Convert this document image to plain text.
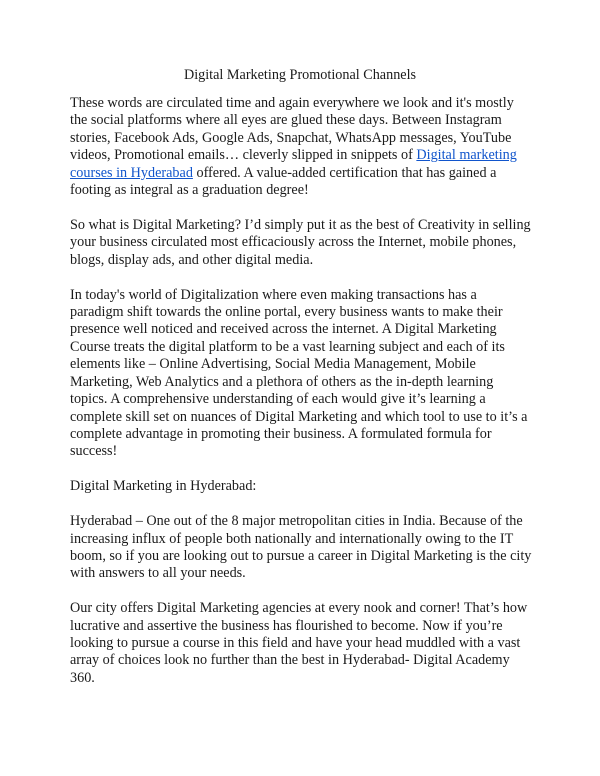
Digital Marketing Promotional Channels

These words are circulated time and again everywhere we look and it's mostly the social platforms where all eyes are glued these days. Between Instagram stories, Facebook Ads, Google Ads, Snapchat, WhatsApp messages, YouTube videos, Promotional emails… cleverly slipped in snippets of Digital marketing courses in Hyderabad offered. A value-added certification that has gained a footing as integral as a graduation degree!

So what is Digital Marketing? I’d simply put it as the best of Creativity in selling your business circulated most efficaciously across the Internet, mobile phones, blogs, display ads, and other digital media.

In today's world of Digitalization where even making transactions has a paradigm shift towards the online portal, every business wants to make their presence well noticed and received across the internet. A Digital Marketing Course treats the digital platform to be a vast learning subject and each of its elements like – Online Advertising, Social Media Management, Mobile Marketing, Web Analytics and a plethora of others as the in-depth learning topics. A comprehensive understanding of each would give it’s learning a complete skill set on nuances of Digital Marketing and which tool to use to it’s a complete advantage in promoting their business. A formulated formula for success!

Digital Marketing in Hyderabad:

Hyderabad – One out of the 8 major metropolitan cities in India. Because of the increasing influx of people both nationally and internationally owing to the IT boom, so if you are looking out to pursue a career in Digital Marketing is the city with answers to all your needs.

Our city offers Digital Marketing agencies at every nook and corner! That’s how lucrative and assertive the business has flourished to become. Now if you’re looking to pursue a course in this field and have your head muddled with a vast array of choices look no further than the best in Hyderabad- Digital Academy 360.
